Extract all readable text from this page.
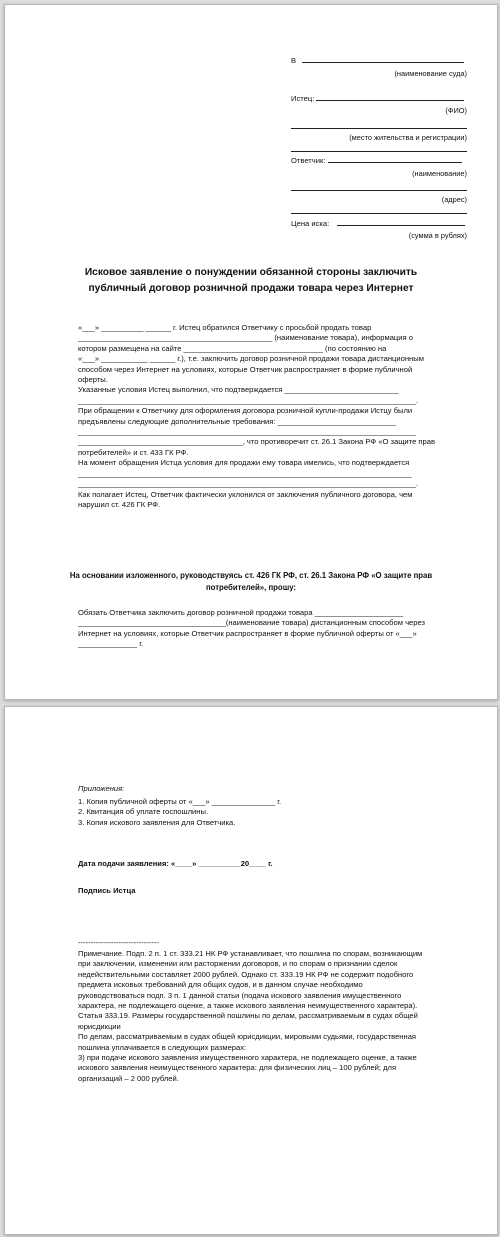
В
(наименование суда)
Истец:
(ФИО)
(место жительства и регистрации)
Ответчик:
(наименование)
(адрес)
Цена иска:
(сумма в рублях)
Исковое заявление о понуждении обязанной стороны заключить
публичный договор розничной продажи товара через Интернет
«___» __________ ______ г. Истец обратился Ответчику с просьбой продать товар
______________________________________________ (наименование товара), информация о
котором размещена на сайте _________________________________ (по состоянию на
«___» ___________ ______ г.), т.е. заключить договор розничной продажи товара дистанционным
способом через Интернет на условиях, которые Ответчик распространяет в форме публичной
оферты.
Указанные условия Истец выполнил, что подтверждается ___________________________
________________________________________________________________________________.
При обращении к Ответчику для оформления договора розничной купли-продажи Истцу были
предъявлены следующие дополнительные требования: ____________________________
________________________________________________________________________________
_______________________________________, что противоречит ст. 26.1 Закона РФ «О защите прав
потребителей» и ст. 433 ГК РФ.
На момент обращения Истца условия для продажи ему товара имелись, что подтверждается
_______________________________________________________________________________
________________________________________________________________________________.
Как полагает Истец, Ответчик фактически уклонился от заключения публичного договора, чем
нарушил ст. 426 ГК РФ.
На основании изложенного, руководствуясь ст. 426 ГК РФ, ст. 26.1 Закона РФ «О защите прав
потребителей», прошу:
Обязать Ответчика заключить договор розничной продажи товара _____________________
___________________________________(наименование товара) дистанционным способом через
Интернет на условиях, которые Ответчик распространяет в форме публичной оферты от «___»
______________ г.
Приложения:
1. Копия публичной оферты от «___» _______________ г.
2. Квитанция об уплате госпошлины.
3. Копия искового заявления для Ответчика.
Дата подачи заявления: «____» __________20____ г.
Подпись Истца
--------------------------------
Примечание. Подп. 2 п. 1 ст. 333.21 НК РФ устанавливает, что пошлина по спорам, возникающим
при заключении, изменении или расторжении договоров, и по спорам о признании сделок
недействительными составляет 2000 рублей. Однако ст. 333.19 НК РФ не содержит подобного
предмета исковых требований для общих судов, и в данном случае необходимо
руководствоваться подп. 3 п. 1 данной статьи (подача искового заявления имущественного
характера, не подлежащего оценке, а также искового заявления неимущественного характера).
Статья 333.19. Размеры государственной пошлины по делам, рассматриваемым в судах общей
юрисдикции
По делам, рассматриваемым в судах общей юрисдикции, мировыми судьями, государственная
пошлина уплачивается в следующих размерах:
3) при подаче искового заявления имущественного характера, не подлежащего оценке, а также
искового заявления неимущественного характера: для физических лиц – 100 рублей; для
организаций – 2 000 рублей.
